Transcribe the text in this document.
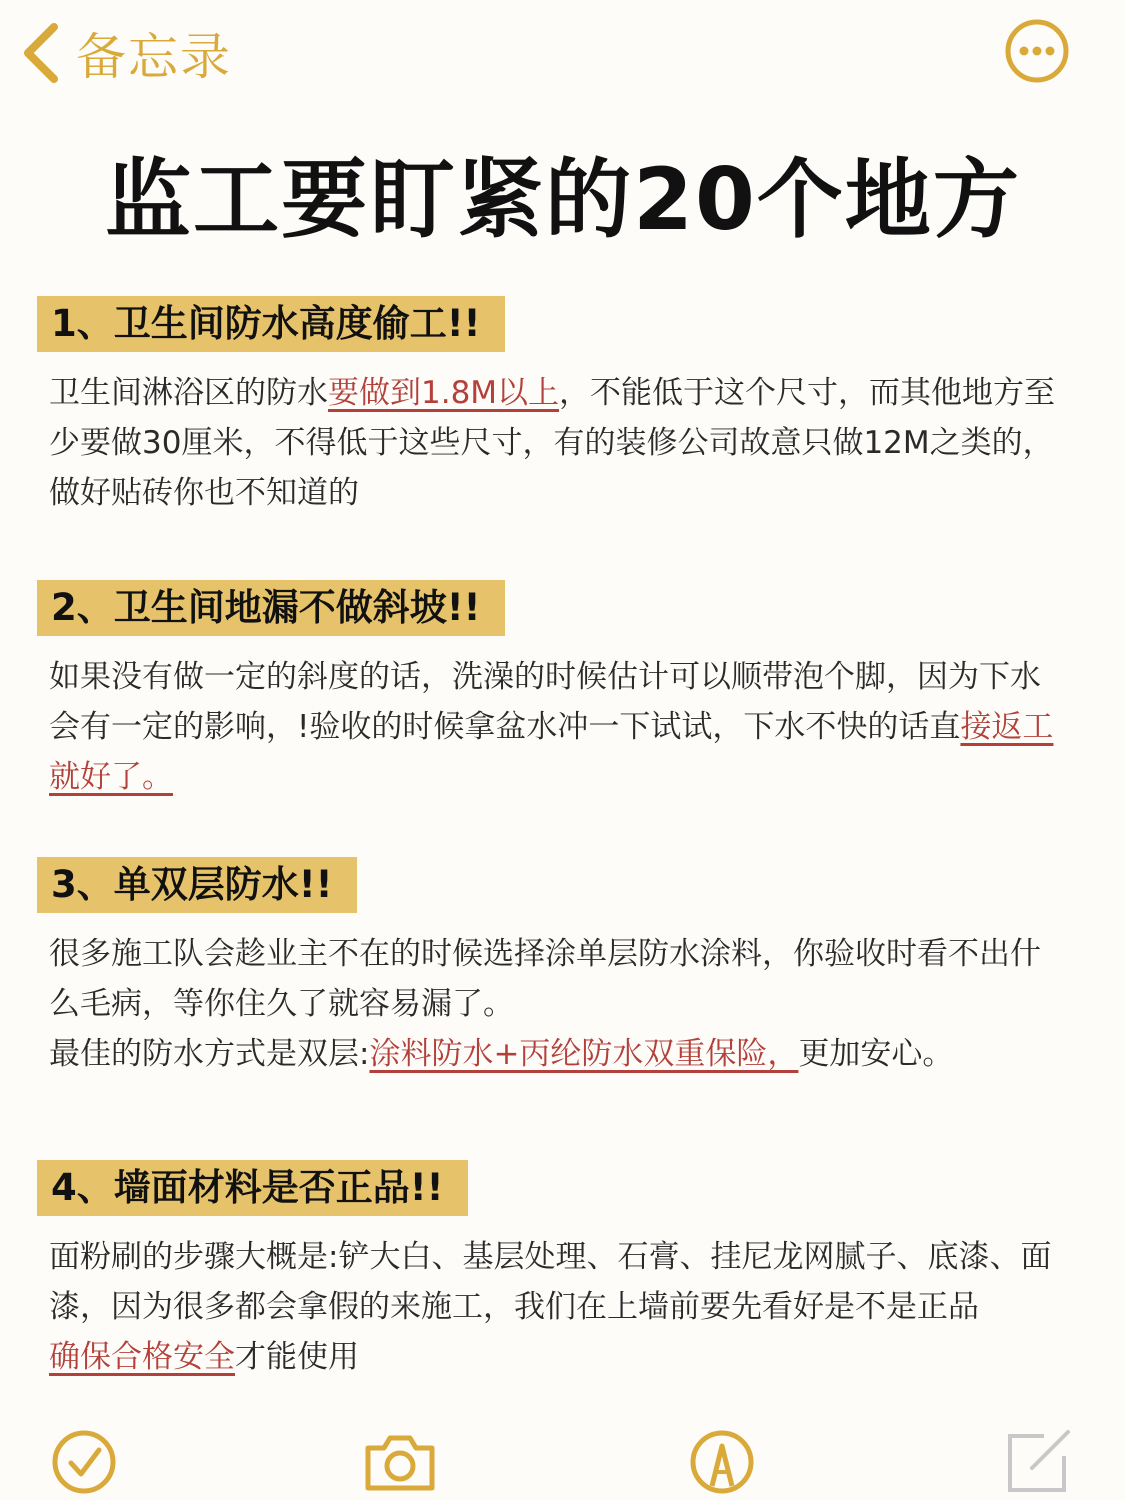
备忘录
监工要盯紧的20个地方
1、卫生间防水高度偷工!!
卫生间淋浴区的防水要做到1.8M以上，不能低于这个尺寸，而其他地方至少要做30厘米，不得低于这些尺寸，有的装修公司故意只做12M之类的，做好贴砖你也不知道的
2、卫生间地漏不做斜坡!!
如果没有做一定的斜度的话，洗澡的时候估计可以顺带泡个脚，因为下水会有一定的影响，!验收的时候拿盆水冲一下试试，下水不快的话直接返工就好了。
3、单双层防水!!
很多施工队会趁业主不在的时候选择涂单层防水涂料，你验收时看不出什么毛病，等你住久了就容易漏了。
最佳的防水方式是双层:涂料防水+丙纶防水双重保险，更加安心。
4、墙面材料是否正品!!
面粉刷的步骤大概是:铲大白、基层处理、石膏、挂尼龙网腻子、底漆、面漆，因为很多都会拿假的来施工，我们在上墙前要先看好是不是正品
确保合格安全才能使用
